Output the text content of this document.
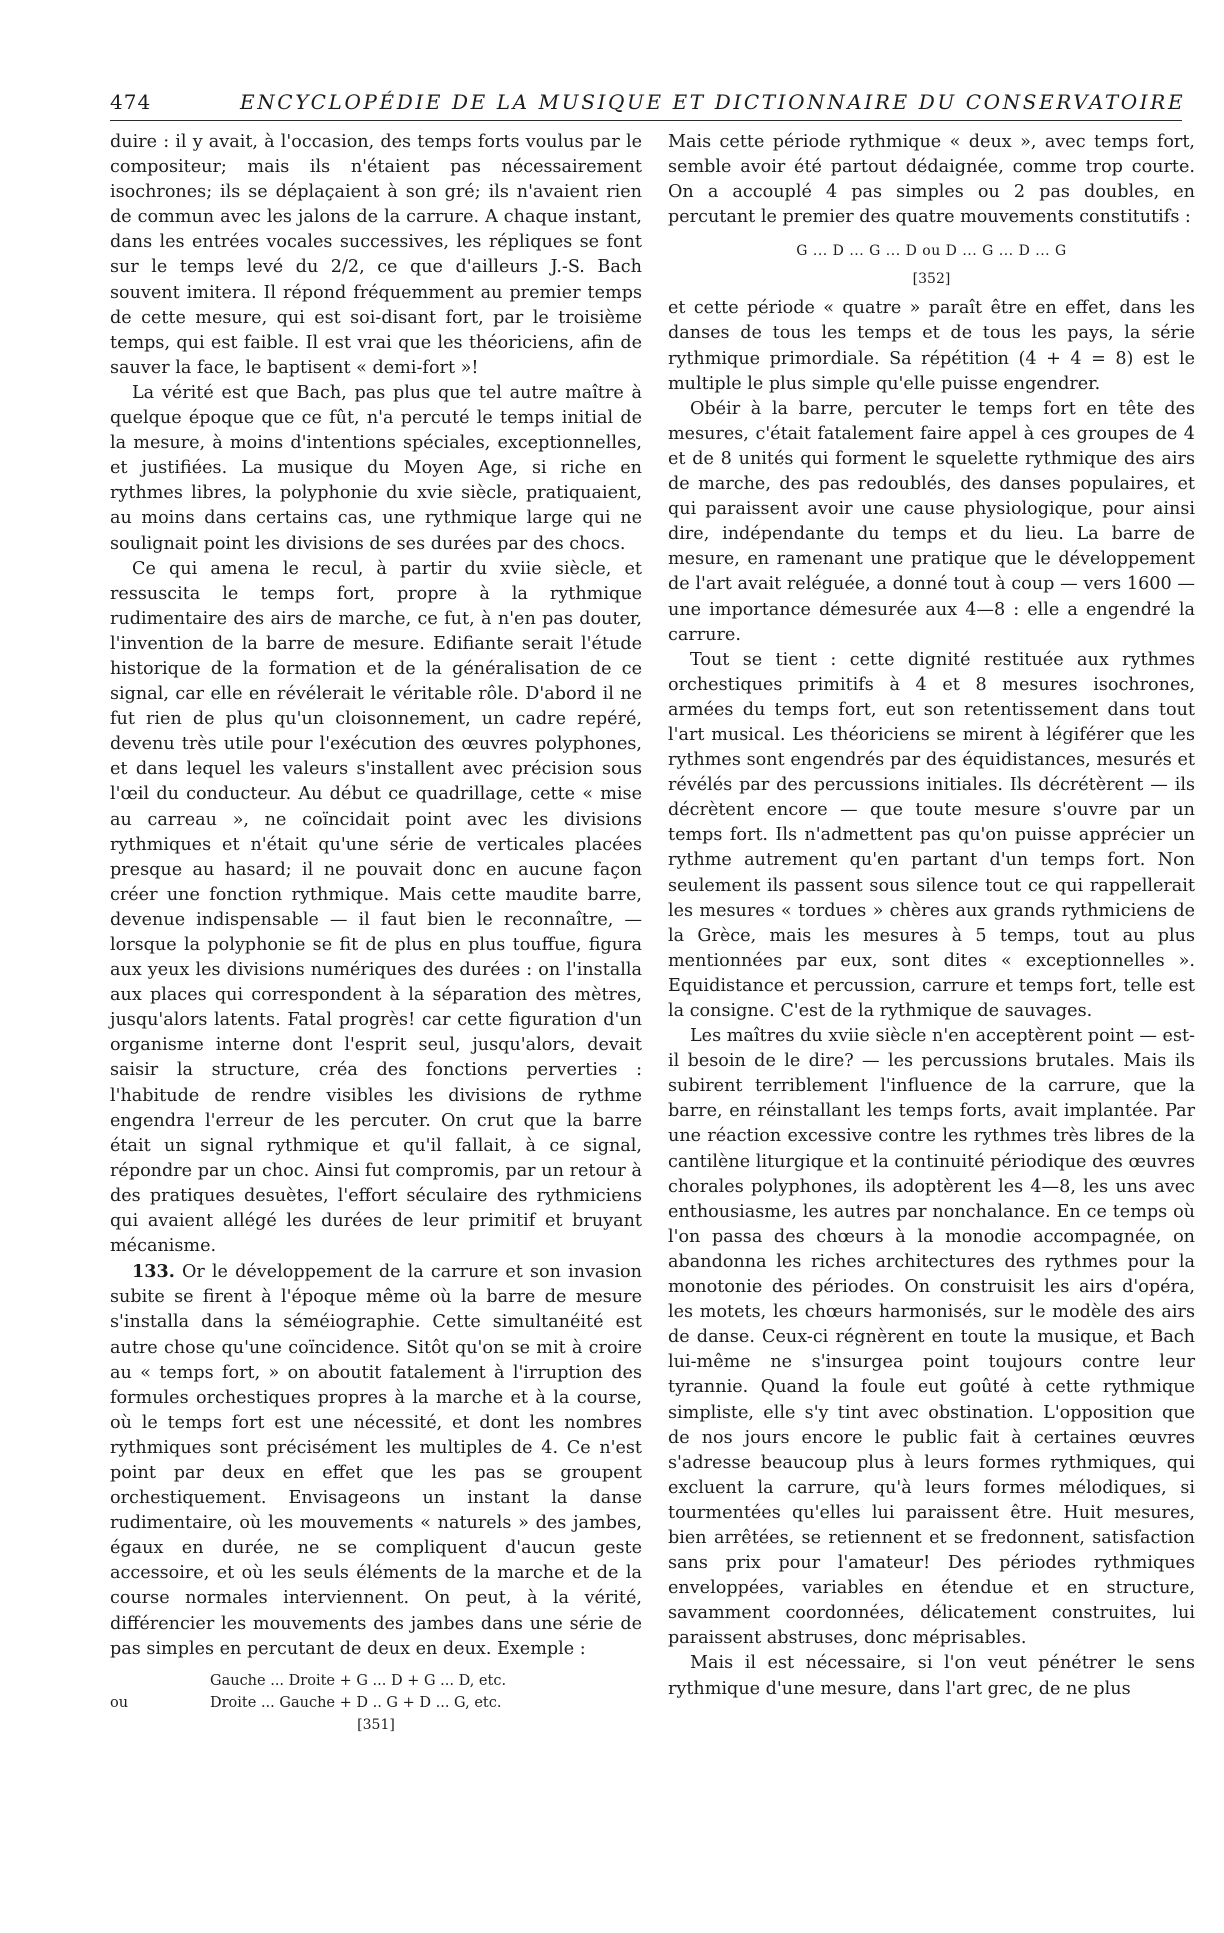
474	ENCYCLOPÉDIE DE LA MUSIQUE ET DICTIONNAIRE DU CONSERVATOIRE

duire : il y avait, à l'occasion, des temps forts voulus par le compositeur; mais ils n'étaient pas nécessairement isochrones; ils se déplaçaient à son gré; ils n'avaient rien de commun avec les jalons de la carrure. A chaque instant, dans les entrées vocales successives, les répliques se font sur le temps levé du 2/2, ce que d'ailleurs J.-S. Bach souvent imitera. Il répond fréquemment au premier temps de cette mesure, qui est soi-disant fort, par le troisième temps, qui est faible. Il est vrai que les théoriciens, afin de sauver la face, le baptisent « demi-fort »!

La vérité est que Bach, pas plus que tel autre maître à quelque époque que ce fût, n'a percuté le temps initial de la mesure, à moins d'intentions spéciales, exceptionnelles, et justifiées. La musique du Moyen Age, si riche en rythmes libres, la polyphonie du xvie siècle, pratiquaient, au moins dans certains cas, une rythmique large qui ne soulignait point les divisions de ses durées par des chocs.

Ce qui amena le recul, à partir du xviie siècle, et ressuscita le temps fort, propre à la rythmique rudimentaire des airs de marche, ce fut, à n'en pas douter, l'invention de la barre de mesure. Edifiante serait l'étude historique de la formation et de la généralisation de ce signal, car elle en révélerait le véritable rôle. D'abord il ne fut rien de plus qu'un cloisonnement, un cadre repéré, devenu très utile pour l'exécution des œuvres polyphones, et dans lequel les valeurs s'installent avec précision sous l'œil du conducteur. Au début ce quadrillage, cette « mise au carreau », ne coïncidait point avec les divisions rythmiques et n'était qu'une série de verticales placées presque au hasard; il ne pouvait donc en aucune façon créer une fonction rythmique. Mais cette maudite barre, devenue indispensable — il faut bien le reconnaître, — lorsque la polyphonie se fit de plus en plus touffue, figura aux yeux les divisions numériques des durées : on l'installa aux places qui correspondent à la séparation des mètres, jusqu'alors latents. Fatal progrès! car cette figuration d'un organisme interne dont l'esprit seul, jusqu'alors, devait saisir la structure, créa des fonctions perverties : l'habitude de rendre visibles les divisions de rythme engendra l'erreur de les percuter. On crut que la barre était un signal rythmique et qu'il fallait, à ce signal, répondre par un choc. Ainsi fut compromis, par un retour à des pratiques desuètes, l'effort séculaire des rythmiciens qui avaient allégé les durées de leur primitif et bruyant mécanisme.

133. Or le développement de la carrure et son invasion subite se firent à l'époque même où la barre de mesure s'installa dans la séméiographie. Cette simultanéité est autre chose qu'une coïncidence. Sitôt qu'on se mit à croire au « temps fort, » on aboutit fatalement à l'irruption des formules orchestiques propres à la marche et à la course, où le temps fort est une nécessité, et dont les nombres rythmiques sont précisément les multiples de 4. Ce n'est point par deux en effet que les pas se groupent orchestiquement. Envisageons un instant la danse rudimentaire, où les mouvements « naturels » des jambes, égaux en durée, ne se compliquent d'aucun geste accessoire, et où les seuls éléments de la marche et de la course normales interviennent. On peut, à la vérité, différencier les mouvements des jambes dans une série de pas simples en percutant de deux en deux. Exemple :

Gauche ... Droite + G ... D + G ... D, etc.
ou	Droite ... Gauche + D .. G + D ... G, etc.
[351]

Mais cette période rythmique « deux », avec temps fort, semble avoir été partout dédaignée, comme trop courte. On a accouplé 4 pas simples ou 2 pas doubles, en percutant le premier des quatre mouvements constitutifs :

G ... D ... G ... D ou D ... G ... D ... G
[352]

et cette période « quatre » paraît être en effet, dans les danses de tous les temps et de tous les pays, la série rythmique primordiale. Sa répétition (4 + 4 = 8) est le multiple le plus simple qu'elle puisse engendrer.

Obéir à la barre, percuter le temps fort en tête des mesures, c'était fatalement faire appel à ces groupes de 4 et de 8 unités qui forment le squelette rythmique des airs de marche, des pas redoublés, des danses populaires, et qui paraissent avoir une cause physiologique, pour ainsi dire, indépendante du temps et du lieu. La barre de mesure, en ramenant une pratique que le développement de l'art avait reléguée, a donné tout à coup — vers 1600 — une importance démesurée aux 4—8 : elle a engendré la carrure.

Tout se tient : cette dignité restituée aux rythmes orchestiques primitifs à 4 et 8 mesures isochrones, armées du temps fort, eut son retentissement dans tout l'art musical. Les théoriciens se mirent à légiférer que les rythmes sont engendrés par des équidistances, mesurés et révélés par des percussions initiales. Ils décrétèrent — ils décrètent encore — que toute mesure s'ouvre par un temps fort. Ils n'admettent pas qu'on puisse apprécier un rythme autrement qu'en partant d'un temps fort. Non seulement ils passent sous silence tout ce qui rappellerait les mesures « tordues » chères aux grands rythmiciens de la Grèce, mais les mesures à 5 temps, tout au plus mentionnées par eux, sont dites « exceptionnelles ». Equidistance et percussion, carrure et temps fort, telle est la consigne. C'est de la rythmique de sauvages.

Les maîtres du xviie siècle n'en acceptèrent point — est-il besoin de le dire? — les percussions brutales. Mais ils subirent terriblement l'influence de la carrure, que la barre, en réinstallant les temps forts, avait implantée. Par une réaction excessive contre les rythmes très libres de la cantilène liturgique et la continuité périodique des œuvres chorales polyphones, ils adoptèrent les 4—8, les uns avec enthousiasme, les autres par nonchalance. En ce temps où l'on passa des chœurs à la monodie accompagnée, on abandonna les riches architectures des rythmes pour la monotonie des périodes. On construisit les airs d'opéra, les motets, les chœurs harmonisés, sur le modèle des airs de danse. Ceux-ci régnèrent en toute la musique, et Bach lui-même ne s'insurgea point toujours contre leur tyrannie. Quand la foule eut goûté à cette rythmique simpliste, elle s'y tint avec obstination. L'opposition que de nos jours encore le public fait à certaines œuvres s'adresse beaucoup plus à leurs formes rythmiques, qui excluent la carrure, qu'à leurs formes mélodiques, si tourmentées qu'elles lui paraissent être. Huit mesures, bien arrêtées, se retiennent et se fredonnent, satisfaction sans prix pour l'amateur! Des périodes rythmiques enveloppées, variables en étendue et en structure, savamment coordonnées, délicatement construites, lui paraissent abstruses, donc méprisables.

Mais il est nécessaire, si l'on veut pénétrer le sens rythmique d'une mesure, dans l'art grec, de ne plus
